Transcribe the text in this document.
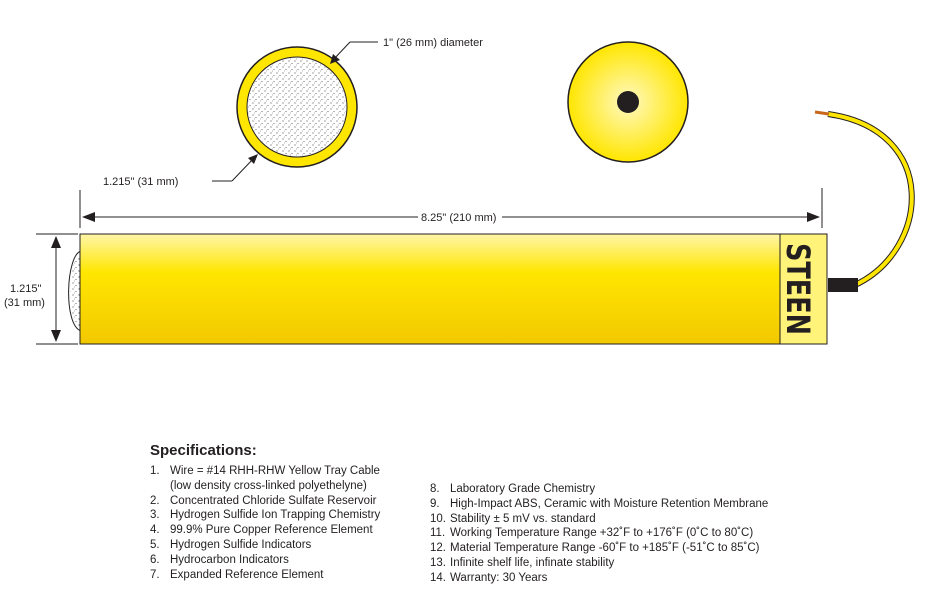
1" (26 mm) diameter
1.215" (31 mm)
8.25" (210 mm)
1.215"
(31 mm)	STEEN
Specifications:
1. Wire = #14 RHH-RHW Yellow Tray Cable
(low density cross-linked polyethelyne)
2. Concentrated Chloride Sulfate Reservoir
3. Hydrogen Sulfide Ion Trapping Chemistry
4. 99.9% Pure Copper Reference Element
5. Hydrogen Sulfide Indicators
6. Hydrocarbon Indicators
7. Expanded Reference Element
8. Laboratory Grade Chemistry
9. High-Impact ABS, Ceramic with Moisture Retention Membrane
10. Stability ± 5 mV vs. standard
11. Working Temperature Range +32˚F to +176˚F (0˚C to 80˚C)
12. Material Temperature Range -60˚F to +185˚F (-51˚C to 85˚C)
13. Infinite shelf life, infinate stability
14. Warranty: 30 Years
